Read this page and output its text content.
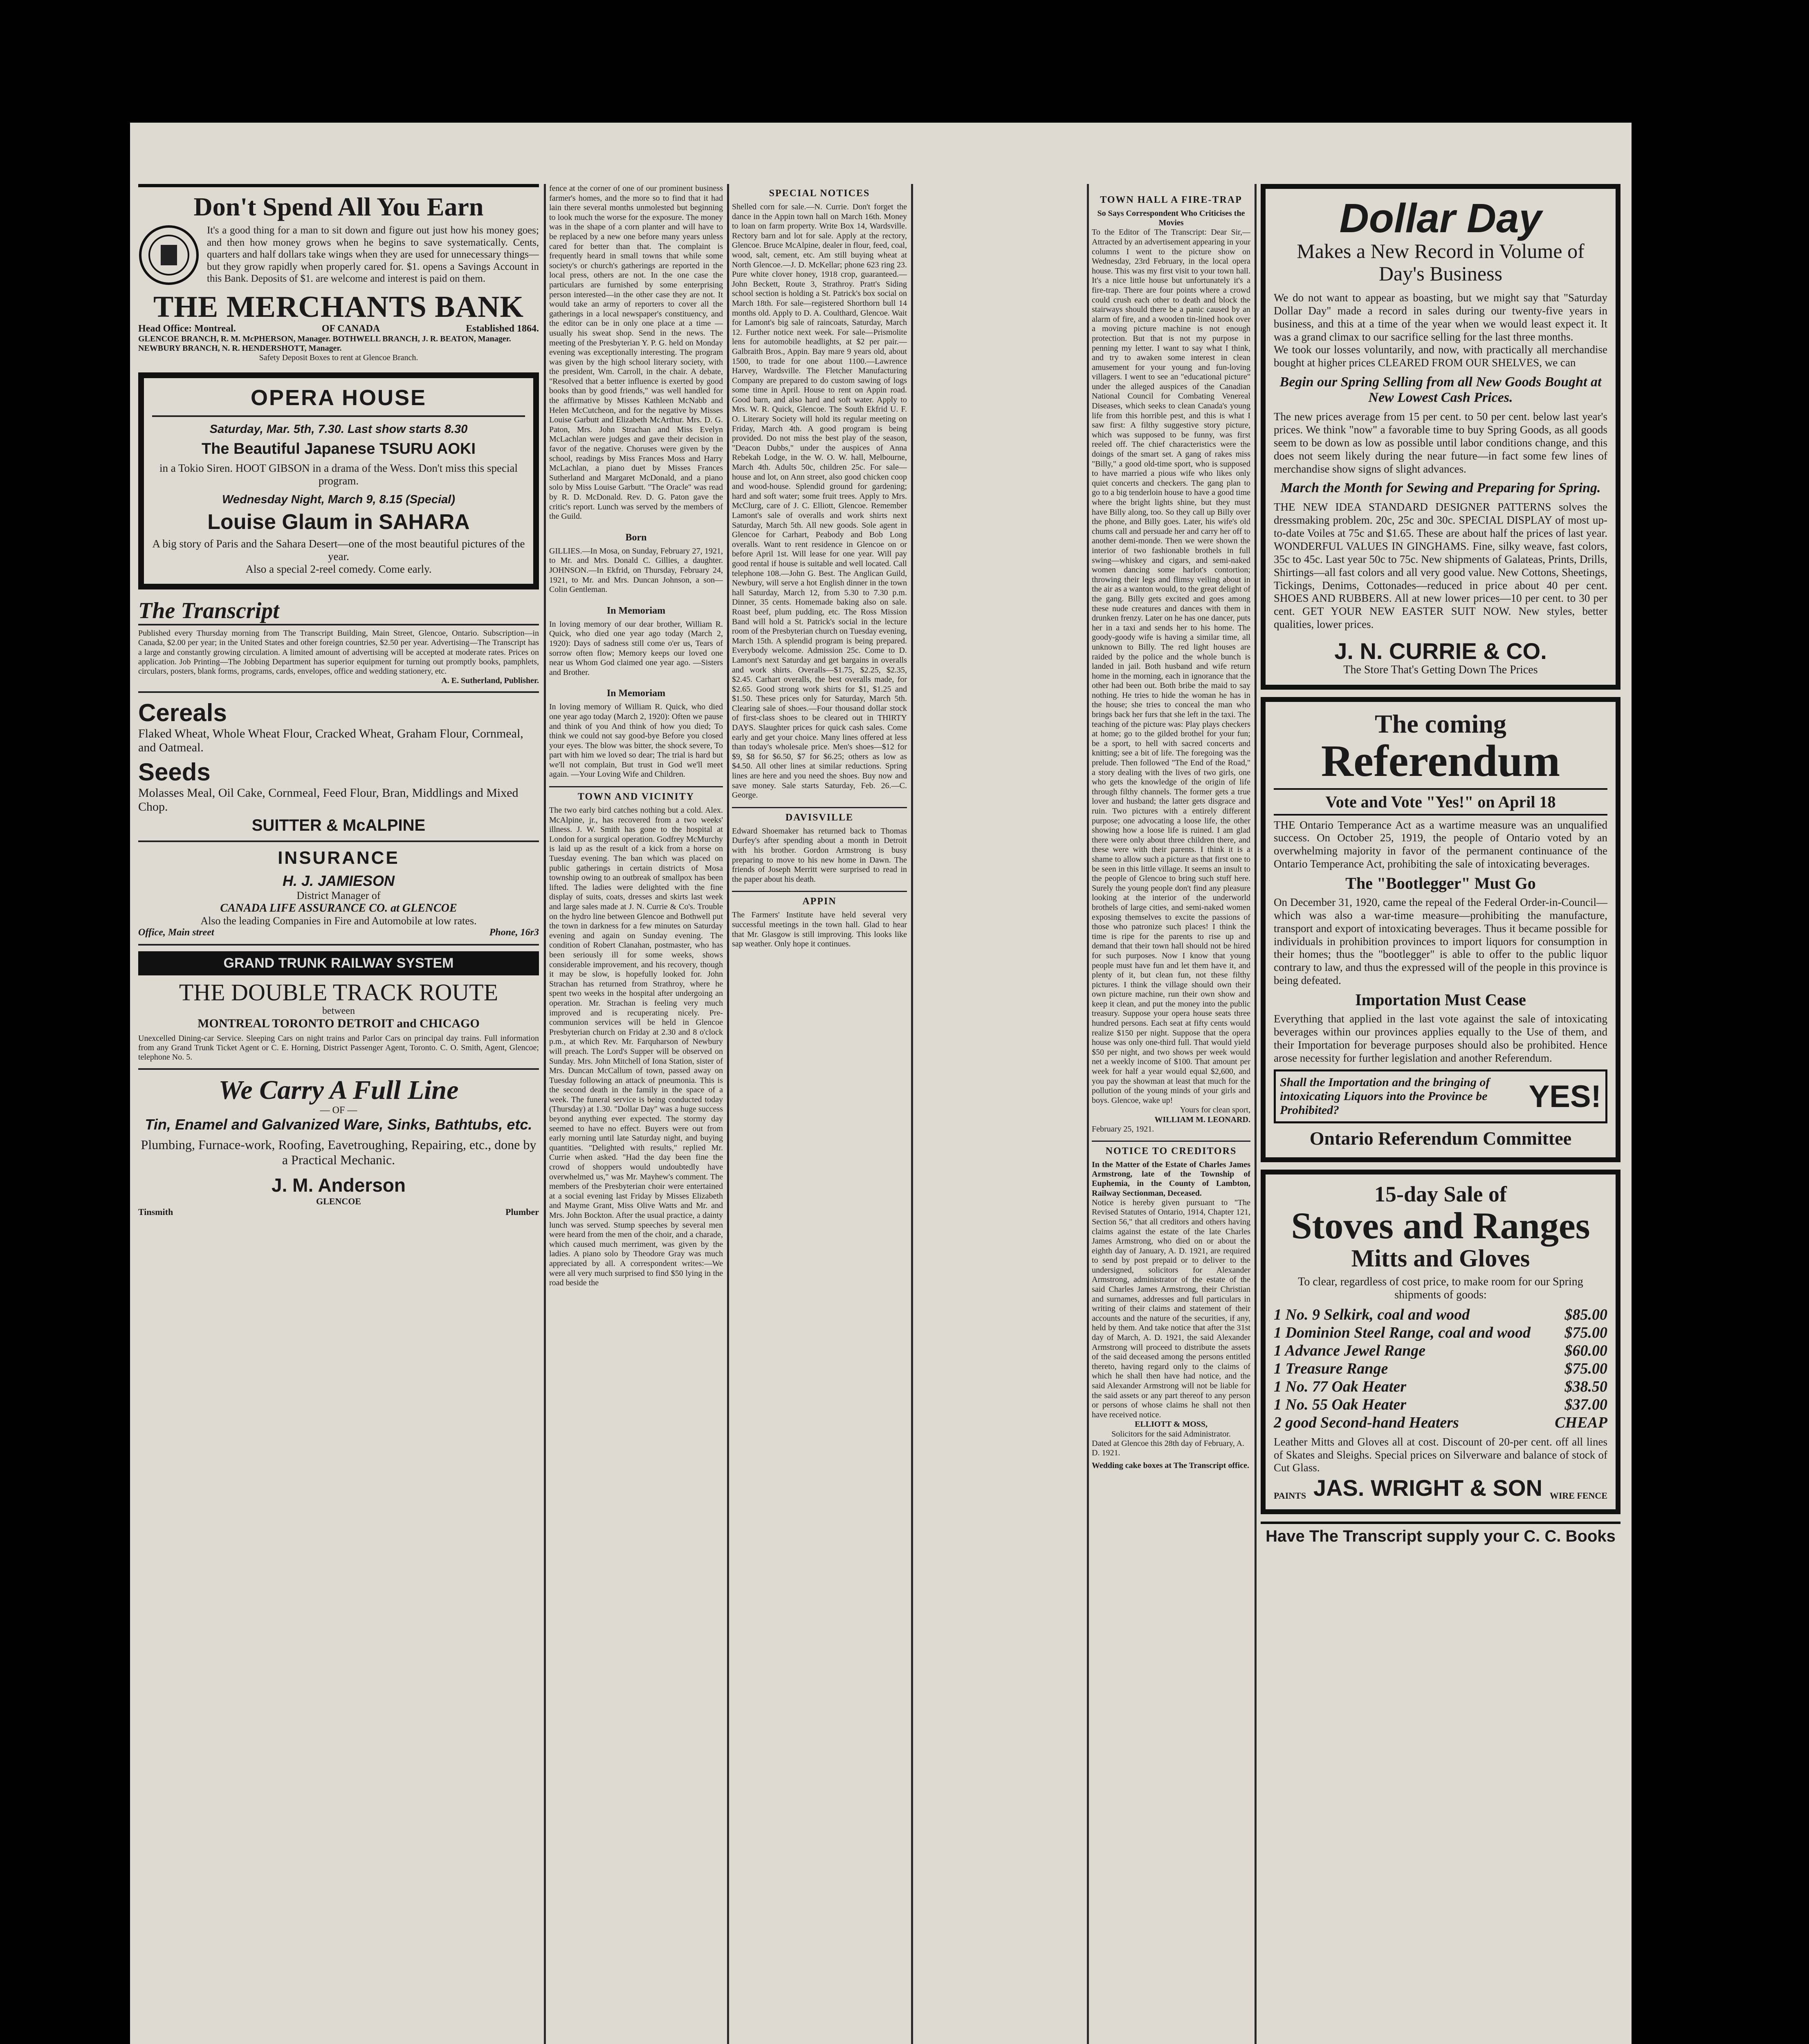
Don't Spend All You Earn
It's a good thing for a man to sit down and figure out just how his money goes; and then how money grows when he begins to save systematically. Cents, quarters and half dollars take wings when they are used for unnecessary things—but they grow rapidly when properly cared for. $1. opens a Savings Account in this Bank. Deposits of $1. are welcome and interest is paid on them.
THE MERCHANTS BANK
Head Office: Montreal.	OF CANADA	Established 1864.
GLENCOE BRANCH, R. M. McPHERSON, Manager. BOTHWELL BRANCH, J. R. BEATON, Manager. NEWBURY BRANCH, N. R. HENDERSHOTT, Manager.
Safety Deposit Boxes to rent at Glencoe Branch.
OPERA HOUSE
Saturday, Mar. 5th, 7.30. Last show starts 8.30
The Beautiful Japanese TSURU AOKI
in a Tokio Siren. HOOT GIBSON in a drama of the Wess. Don't miss this special program.
Wednesday Night, March 9, 8.15 (Special)
Louise Glaum in SAHARA
A big story of Paris and the Sahara Desert—one of the most beautiful pictures of the year.
Also a special 2-reel comedy. Come early.
The Transcript
Published every Thursday morning from The Transcript Building, Main Street, Glencoe, Ontario. Subscription—in Canada, $2.00 per year; in the United States and other foreign countries, $2.50 per year. Advertising—The Transcript has a large and constantly growing circulation. A limited amount of advertising will be accepted at moderate rates. Prices on application. Job Printing—The Jobbing Department has superior equipment for turning out promptly books, pamphlets, circulars, posters, blank forms, programs, cards, envelopes, office and wedding stationery, etc.
A. E. Sutherland, Publisher.
Cereals
Flaked Wheat, Whole Wheat Flour, Cracked Wheat, Graham Flour, Cornmeal, and Oatmeal.
Seeds
Molasses Meal, Oil Cake, Cornmeal, Feed Flour, Bran, Middlings and Mixed Chop.
SUITTER & McALPINE
INSURANCE
H. J. JAMIESON
District Manager of
CANADA LIFE ASSURANCE CO. at GLENCOE
Also the leading Companies in Fire and Automobile at low rates.
Office, Main street	Phone, 16r3
GRAND TRUNK RAILWAY SYSTEM
THE DOUBLE TRACK ROUTE
between
MONTREAL TORONTO DETROIT and CHICAGO
Unexcelled Dining-car Service. Sleeping Cars on night trains and Parlor Cars on principal day trains. Full information from any Grand Trunk Ticket Agent or C. E. Horning, District Passenger Agent, Toronto. C. O. Smith, Agent, Glencoe; telephone No. 5.
We Carry A Full Line
— OF —
Tin, Enamel and Galvanized Ware, Sinks, Bathtubs, etc.
Plumbing, Furnace-work, Roofing, Eavetroughing, Repairing, etc., done by a Practical Mechanic.
J. M. Anderson
GLENCOE
Tinsmith	Plumber
fence at the corner of one of our prominent business farmer's homes, and the more so to find that it had lain there several months unmolested but beginning to look much the worse for the exposure. The money was in the shape of a corn planter and will have to be replaced by a new one before many years unless cared for better than that. The complaint is frequently heard in small towns that while some society's or church's gatherings are reported in the local press, others are not. In the one case the particulars are furnished by some enterprising person interested—in the other case they are not. It would take an army of reporters to cover all the gatherings in a local newspaper's constituency, and the editor can be in only one place at a time — usually his sweat shop. Send in the news. The meeting of the Presbyterian Y. P. G. held on Monday evening was exceptionally interesting. The program was given by the high school literary society, with the president, Wm. Carroll, in the chair. A debate, "Resolved that a better influence is exerted by good books than by good friends," was well handled for the affirmative by Misses Kathleen McNabb and Helen McCutcheon, and for the negative by Misses Louise Garbutt and Elizabeth McArthur. Mrs. D. G. Paton, Mrs. John Strachan and Miss Evelyn McLachlan were judges and gave their decision in favor of the negative. Choruses were given by the school, readings by Miss Frances Moss and Harry McLachlan, a piano duet by Misses Frances Sutherland and Margaret McDonald, and a piano solo by Miss Louise Garbutt. "The Oracle" was read by R. D. McDonald. Rev. D. G. Paton gave the critic's report. Lunch was served by the members of the Guild.
Born
GILLIES.—In Mosa, on Sunday, February 27, 1921, to Mr. and Mrs. Donald C. Gillies, a daughter. JOHNSON.—In Ekfrid, on Thursday, February 24, 1921, to Mr. and Mrs. Duncan Johnson, a son—Colin Gentleman.
In Memoriam
In loving memory of our dear brother, William R. Quick, who died one year ago today (March 2, 1920): Days of sadness still come o'er us, Tears of sorrow often flow; Memory keeps our loved one near us Whom God claimed one year ago. —Sisters and Brother.
In Memoriam
In loving memory of William R. Quick, who died one year ago today (March 2, 1920): Often we pause and think of you And think of how you died; To think we could not say good-bye Before you closed your eyes. The blow was bitter, the shock severe, To part with him we loved so dear; The trial is hard but we'll not complain, But trust in God we'll meet again. —Your Loving Wife and Children.
TOWN AND VICINITY
The two early bird catches nothing but a cold. Alex. McAlpine, jr., has recovered from a two weeks' illness. J. W. Smith has gone to the hospital at London for a surgical operation. Godfrey McMurchy is laid up as the result of a kick from a horse on Tuesday evening. The ban which was placed on public gatherings in certain districts of Mosa township owing to an outbreak of smallpox has been lifted. The ladies were delighted with the fine display of suits, coats, dresses and skirts last week and large sales made at J. N. Currie & Co's. Trouble on the hydro line between Glencoe and Bothwell put the town in darkness for a few minutes on Saturday evening and again on Sunday evening. The condition of Robert Clanahan, postmaster, who has been seriously ill for some weeks, shows considerable improvement, and his recovery, though it may be slow, is hopefully looked for. John Strachan has returned from Strathroy, where he spent two weeks in the hospital after undergoing an operation. Mr. Strachan is feeling very much improved and is recuperating nicely. Pre-communion services will be held in Glencoe Presbyterian church on Friday at 2.30 and 8 o'clock p.m., at which Rev. Mr. Farquharson of Newbury will preach. The Lord's Supper will be observed on Sunday. Mrs. John Mitchell of Iona Station, sister of Mrs. Duncan McCallum of town, passed away on Tuesday following an attack of pneumonia. This is the second death in the family in the space of a week. The funeral service is being conducted today (Thursday) at 1.30. "Dollar Day" was a huge success beyond anything ever expected. The stormy day seemed to have no effect. Buyers were out from early morning until late Saturday night, and buying quantities. "Delighted with results," replied Mr. Currie when asked. "Had the day been fine the crowd of shoppers would undoubtedly have overwhelmed us," was Mr. Mayhew's comment. The members of the Presbyterian choir were entertained at a social evening last Friday by Misses Elizabeth and Mayme Grant, Miss Olive Watts and Mr. and Mrs. John Bockton. After the usual practice, a dainty lunch was served. Stump speeches by several men were heard from the men of the choir, and a charade, which caused much merriment, was given by the ladies. A piano solo by Theodore Gray was much appreciated by all. A correspondent writes:—We were all very much surprised to find $50 lying in the road beside the
SPECIAL NOTICES
Shelled corn for sale.—N. Currie. Don't forget the dance in the Appin town hall on March 16th. Money to loan on farm property. Write Box 14, Wardsville. Rectory barn and lot for sale. Apply at the rectory, Glencoe. Bruce McAlpine, dealer in flour, feed, coal, wood, salt, cement, etc. Am still buying wheat at North Glencoe.—J. D. McKellar; phone 623 ring 23. Pure white clover honey, 1918 crop, guaranteed.—John Beckett, Route 3, Strathroy. Pratt's Siding school section is holding a St. Patrick's box social on March 18th. For sale—registered Shorthorn bull 14 months old. Apply to D. A. Coulthard, Glencoe. Wait for Lamont's big sale of raincoats, Saturday, March 12. Further notice next week. For sale—Prismolite lens for automobile headlights, at $2 per pair.—Galbraith Bros., Appin. Bay mare 9 years old, about 1500, to trade for one about 1100.—Lawrence Harvey, Wardsville. The Fletcher Manufacturing Company are prepared to do custom sawing of logs some time in April. House to rent on Appin road. Good barn, and also hard and soft water. Apply to Mrs. W. R. Quick, Glencoe. The South Ekfrid U. F. O. Literary Society will hold its regular meeting on Friday, March 4th. A good program is being provided. Do not miss the best play of the season, "Deacon Dubbs," under the auspices of Anna Rebekah Lodge, in the W. O. W. hall, Melbourne, March 4th. Adults 50c, children 25c. For sale—house and lot, on Ann street, also good chicken coop and wood-house. Splendid ground for gardening; hard and soft water; some fruit trees. Apply to Mrs. McClurg, care of J. C. Elliott, Glencoe. Remember Lamont's sale of overalls and work shirts next Saturday, March 5th. All new goods. Sole agent in Glencoe for Carhart, Peabody and Bob Long overalls. Want to rent residence in Glencoe on or before April 1st. Will lease for one year. Will pay good rental if house is suitable and well located. Call telephone 108.—John G. Best. The Anglican Guild, Newbury, will serve a hot English dinner in the town hall Saturday, March 12, from 5.30 to 7.30 p.m. Dinner, 35 cents. Homemade baking also on sale. Roast beef, plum pudding, etc. The Ross Mission Band will hold a St. Patrick's social in the lecture room of the Presbyterian church on Tuesday evening, March 15th. A splendid program is being prepared. Everybody welcome. Admission 25c. Come to D. Lamont's next Saturday and get bargains in overalls and work shirts. Overalls—$1.75, $2.25, $2.35, $2.45. Carhart overalls, the best overalls made, for $2.65. Good strong work shirts for $1, $1.25 and $1.50. These prices only for Saturday, March 5th. Clearing sale of shoes.—Four thousand dollar stock of first-class shoes to be cleared out in THIRTY DAYS. Slaughter prices for quick cash sales. Come early and get your choice. Many lines offered at less than today's wholesale price. Men's shoes—$12 for $9, $8 for $6.50, $7 for $6.25; others as low as $4.50. All other lines at similar reductions. Spring lines are here and you need the shoes. Buy now and save money. Sale starts Saturday, Feb. 26.—C. George.
DAVISVILLE
Edward Shoemaker has returned back to Thomas Durfey's after spending about a month in Detroit with his brother. Gordon Armstrong is busy preparing to move to his new home in Dawn. The friends of Joseph Merritt were surprised to read in the paper about his death.
APPIN
The Farmers' Institute have held several very successful meetings in the town hall. Glad to hear that Mr. Glasgow is still improving. This looks like sap weather. Only hope it continues.
Dollar Day
Makes a New Record in Volume of Day's Business
We do not want to appear as boasting, but we might say that "Saturday Dollar Day" made a record in sales during our twenty-five years in business, and this at a time of the year when we would least expect it. It was a grand climax to our sacrifice selling for the last three months.
We took our losses voluntarily, and now, with practically all merchandise bought at higher prices CLEARED FROM OUR SHELVES, we can
Begin our Spring Selling from all New Goods Bought at New Lowest Cash Prices.
The new prices average from 15 per cent. to 50 per cent. below last year's prices. We think "now" a favorable time to buy Spring Goods, as all goods seem to be down as low as possible until labor conditions change, and this does not seem likely during the near future—in fact some few lines of merchandise show signs of slight advances.
March the Month for Sewing and Preparing for Spring.
THE NEW IDEA STANDARD DESIGNER PATTERNS solves the dressmaking problem. 20c, 25c and 30c. SPECIAL DISPLAY of most up-to-date Voiles at 75c and $1.65. These are about half the prices of last year. WONDERFUL VALUES IN GINGHAMS. Fine, silky weave, fast colors, 35c to 45c. Last year 50c to 75c. New shipments of Galateas, Prints, Drills, Shirtings—all fast colors and all very good value. New Cottons, Sheetings, Tickings, Denims, Cottonades—reduced in price about 40 per cent. SHOES AND RUBBERS. All at new lower prices—10 per cent. to 30 per cent. GET YOUR NEW EASTER SUIT NOW. New styles, better qualities, lower prices.
J. N. CURRIE & CO.
The Store That's Getting Down The Prices
The coming
Referendum
Vote and Vote "Yes!" on April 18
THE Ontario Temperance Act as a wartime measure was an unqualified success. On October 25, 1919, the people of Ontario voted by an overwhelming majority in favor of the permanent continuance of the Ontario Temperance Act, prohibiting the sale of intoxicating beverages.
The "Bootlegger" Must Go
On December 31, 1920, came the repeal of the Federal Order-in-Council—which was also a war-time measure—prohibiting the manufacture, transport and export of intoxicating beverages. Thus it became possible for individuals in prohibition provinces to import liquors for consumption in their homes; thus the "bootlegger" is able to offer to the public liquor contrary to law, and thus the expressed will of the people in this province is being defeated.
Importation Must Cease
Everything that applied in the last vote against the sale of intoxicating beverages within our provinces applies equally to the Use of them, and their Importation for beverage purposes should also be prohibited. Hence arose necessity for further legislation and another Referendum.
Shall the Importation and the bringing of intoxicating Liquors into the Province be Prohibited?	YES!
Ontario Referendum Committee
15-day Sale of
Stoves and Ranges
Mitts and Gloves
To clear, regardless of cost price, to make room for our Spring shipments of goods:
1 No. 9 Selkirk, coal and wood	$85.00
1 Dominion Steel Range, coal and wood $75.00
1 Advance Jewel Range	$60.00
1 Treasure Range	$75.00
1 No. 77 Oak Heater	$38.50
1 No. 55 Oak Heater	$37.00
2 good Second-hand Heaters	CHEAP
Leather Mitts and Gloves all at cost. Discount of 20-per cent. off all lines of Skates and Sleighs. Special prices on Silverware and balance of stock of Cut Glass.
PAINTS JAS. WRIGHT & SON WIRE FENCE
Have The Transcript supply your C. C. Books
TOWN HALL A FIRE-TRAP
So Says Correspondent Who Criticises the Movies
To the Editor of The Transcript: Dear Sir,—Attracted by an advertisement appearing in your columns I went to the picture show on Wednesday, 23rd February, in the local opera house. This was my first visit to your town hall. It's a nice little house but unfortunately it's a fire-trap. There are four points where a crowd could crush each other to death and block the stairways should there be a panic caused by an alarm of fire, and a wooden tin-lined hook over a moving picture machine is not enough protection. But that is not my purpose in penning my letter. I want to say what I think, and try to awaken some interest in clean amusement for your young and fun-loving villagers. I went to see an "educational picture" under the alleged auspices of the Canadian National Council for Combating Venereal Diseases, which seeks to clean Canada's young life from this horrible pest, and this is what I saw first: A filthy suggestive story picture, which was supposed to be funny, was first reeled off. The chief characteristics were the doings of the smart set. A gang of rakes miss "Billy," a good old-time sport, who is supposed to have married a pious wife who likes only quiet concerts and checkers. The gang plan to go to a big tenderloin house to have a good time where the bright lights shine, but they must have Billy along, too. So they call up Billy over the phone, and Billy goes. Later, his wife's old chums call and persuade her and carry her off to another demi-monde. Then we were shown the interior of two fashionable brothels in full swing—whiskey and cigars, and semi-naked women dancing some harlot's contortion; throwing their legs and flimsy veiling about in the air as a wanton would, to the great delight of the gang. Billy gets excited and goes among these nude creatures and dances with them in drunken frenzy. Later on he has one dancer, puts her in a taxi and sends her to his home. The goody-goody wife is having a similar time, all unknown to Billy. The red light houses are raided by the police and the whole bunch is landed in jail. Both husband and wife return home in the morning, each in ignorance that the other had been out. Both bribe the maid to say nothing. He tries to hide the woman he has in the house; she tries to conceal the man who brings back her furs that she left in the taxi. The teaching of the picture was: Play plays checkers at home; go to the gilded brothel for your fun; be a sport, to hell with sacred concerts and knitting; see a bit of life. The foregoing was the prelude. Then followed "The End of the Road," a story dealing with the lives of two girls, one who gets the knowledge of the origin of life through filthy channels. The former gets a true lover and husband; the latter gets disgrace and ruin. Two pictures with a entirely different purpose; one advocating a loose life, the other showing how a loose life is ruined. I am glad there were only about three children there, and these were with their parents. I think it is a shame to allow such a picture as that first one to be seen in this little village. It seems an insult to the people of Glencoe to bring such stuff here. Surely the young people don't find any pleasure looking at the interior of the underworld brothels of large cities, and semi-naked women exposing themselves to excite the passions of those who patronize such places! I think the time is ripe for the parents to rise up and demand that their town hall should not be hired for such purposes. Now I know that young people must have fun and let them have it, and plenty of it, but clean fun, not these filthy pictures. I think the village should own their own picture machine, run their own show and keep it clean, and put the money into the public treasury. Suppose your opera house seats three hundred persons. Each seat at fifty cents would realize $150 per night. Suppose that the opera house was only one-third full. That would yield $50 per night, and two shows per week would net a weekly income of $100. That amount per week for half a year would equal $2,600, and you pay the showman at least that much for the pollution of the young minds of your girls and boys. Glencoe, wake up!
Yours for clean sport,
WILLIAM M. LEONARD.
February 25, 1921.
NOTICE TO CREDITORS
In the Matter of the Estate of Charles James Armstrong, late of the Township of Euphemia, in the County of Lambton, Railway Sectionman, Deceased.
Notice is hereby given pursuant to "The Revised Statutes of Ontario, 1914, Chapter 121, Section 56," that all creditors and others having claims against the estate of the late Charles James Armstrong, who died on or about the eighth day of January, A. D. 1921, are required to send by post prepaid or to deliver to the undersigned, solicitors for Alexander Armstrong, administrator of the estate of the said Charles James Armstrong, their Christian and surnames, addresses and full particulars in writing of their claims and statement of their accounts and the nature of the securities, if any, held by them. And take notice that after the 31st day of March, A. D. 1921, the said Alexander Armstrong will proceed to distribute the assets of the said deceased among the persons entitled thereto, having regard only to the claims of which he shall then have had notice, and the said Alexander Armstrong will not be liable for the said assets or any part thereof to any person or persons of whose claims he shall not then have received notice.
ELLIOTT & MOSS,
Solicitors for the said Administrator.
Dated at Glencoe this 28th day of February, A. D. 1921.
Wedding cake boxes at The Transcript office.
